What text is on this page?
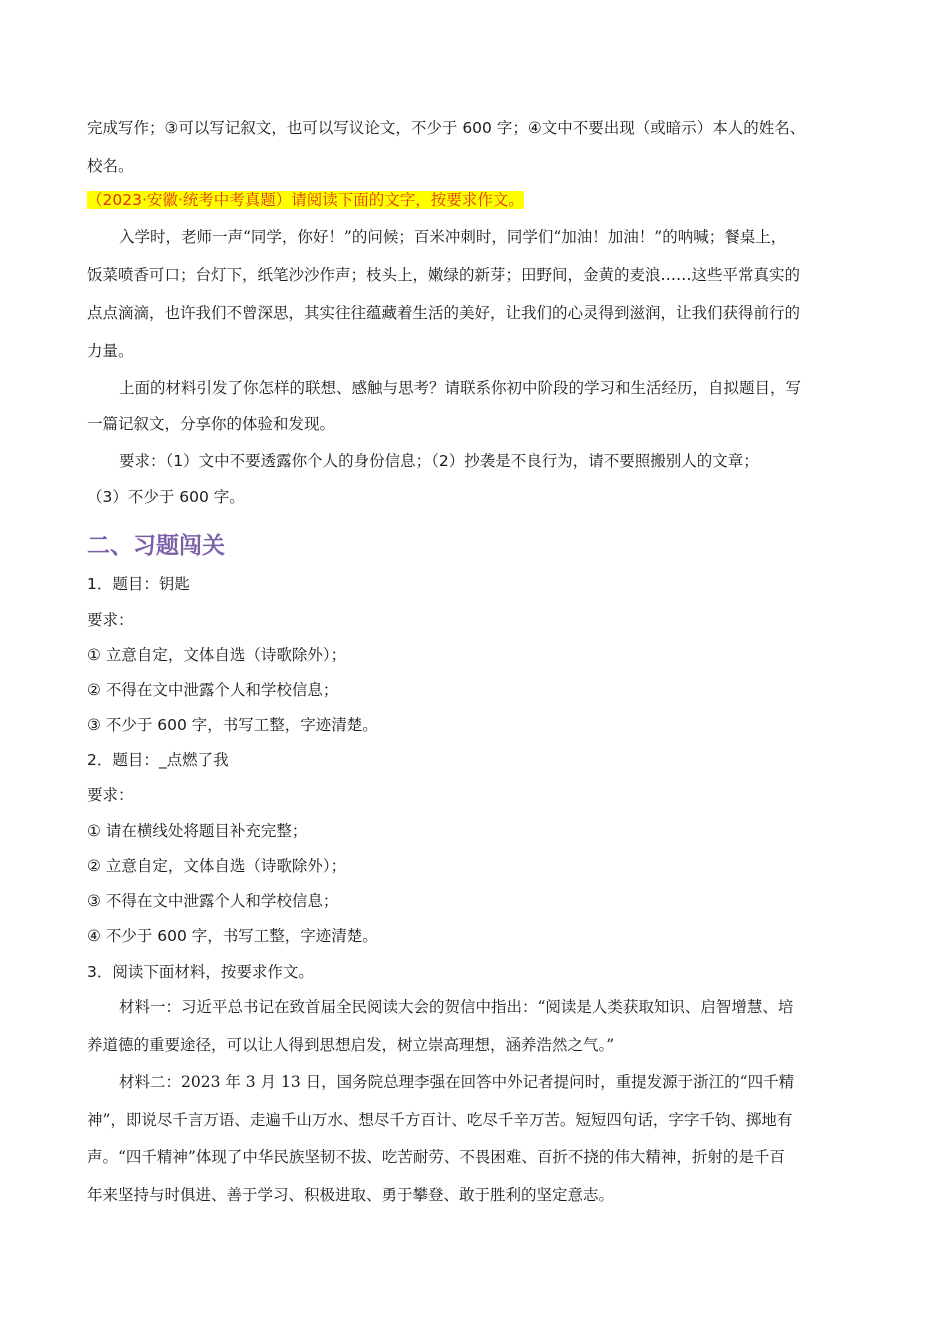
完成写作；③可以写记叙文，也可以写议论文，不少于 600 字；④文中不要出现（或暗示）本人的姓名、
校名。
（2023·安徽·统考中考真题）请阅读下面的文字，按要求作文。
入学时，老师一声“同学，你好！”的问候；百米冲刺时，同学们“加油！加油！”的呐喊；餐桌上，
饭菜喷香可口；台灯下，纸笔沙沙作声；枝头上，嫩绿的新芽；田野间，金黄的麦浪……这些平常真实的
点点滴滴，也许我们不曾深思，其实往往蕴藏着生活的美好，让我们的心灵得到滋润，让我们获得前行的
力量。
上面的材料引发了你怎样的联想、感触与思考？请联系你初中阶段的学习和生活经历，自拟题目，写
一篇记叙文，分享你的体验和发现。
要求：（1）文中不要透露你个人的身份信息；（2）抄袭是不良行为，请不要照搬别人的文章；
（3）不少于 600 字。
二、习题闯关
1．题目：钥匙
要求：
① 立意自定，文体自选（诗歌除外）；
② 不得在文中泄露个人和学校信息；
③ 不少于 600 字，书写工整，字迹清楚。
2．题目：_点燃了我
要求：
① 请在横线处将题目补充完整；
② 立意自定，文体自选（诗歌除外）；
③ 不得在文中泄露个人和学校信息；
④ 不少于 600 字，书写工整，字迹清楚。
3．阅读下面材料，按要求作文。
材料一：习近平总书记在致首届全民阅读大会的贺信中指出：“阅读是人类获取知识、启智增慧、培
养道德的重要途径，可以让人得到思想启发，树立崇高理想，涵养浩然之气。”
材料二：2023 年 3 月 13 日，国务院总理李强在回答中外记者提问时，重提发源于浙江的“四千精
神”，即说尽千言万语、走遍千山万水、想尽千方百计、吃尽千辛万苦。短短四句话，字字千钧、掷地有
声。“四千精神”体现了中华民族坚韧不拔、吃苦耐劳、不畏困难、百折不挠的伟大精神，折射的是千百
年来坚持与时俱进、善于学习、积极进取、勇于攀登、敢于胜利的坚定意志。
